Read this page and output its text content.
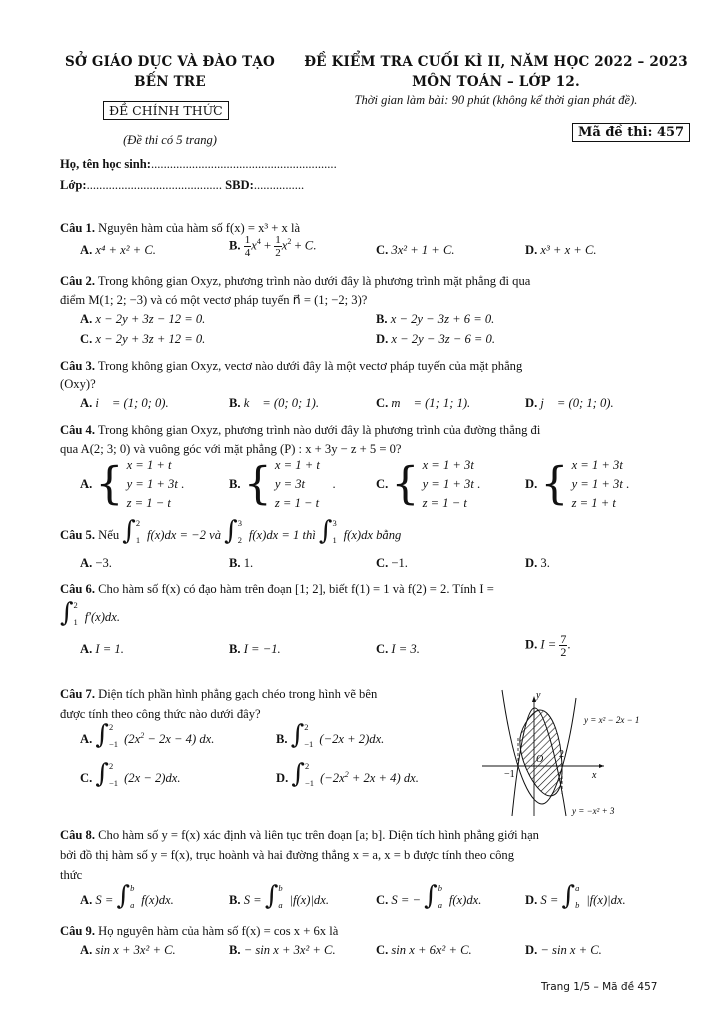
SỞ GIÁO DỤC VÀ ĐÀO TẠO
BẾN TRE
ĐỀ CHÍNH THỨC
(Đề thi có 5 trang)
ĐỀ KIỂM TRA CUỐI KÌ II, NĂM HỌC 2022 – 2023
MÔN TOÁN – LỚP 12.
Thời gian làm bài: 90 phút (không kể thời gian phát đề).
Mã đề thi: 457
Họ, tên học sinh:...........................................................
Lớp:........................................... SBD:................
Câu 1. Nguyên hàm của hàm số f(x) = x³ + x là
A. x⁴ + x² + C.	B. $\frac{1}{4} x^4 + \frac{1}{2} x^2 + C$.	C. 3x² + 1 + C.	D. x³ + x + C.
Câu 2. Trong không gian Oxyz, phương trình nào dưới đây là phương trình mặt phẳng đi qua
điểm M(1; 2; −3) và có một vectơ pháp tuyến n⃗ = (1; −2; 3)?
A. x − 2y + 3z − 12 = 0.	B. x − 2y − 3z + 6 = 0.
C. x − 2y + 3z + 12 = 0.	D. x − 2y − 3z − 6 = 0.
Câu 3. Trong không gian Oxyz, vectơ nào dưới đây là một vectơ pháp tuyến của mặt phẳng
(Oxy)?
A. i⃗ = (1; 0; 0).	B. k⃗ = (0; 0; 1).	C. m⃗ = (1; 1; 1).	D. j⃗ = (0; 1; 0).
Câu 4. Trong không gian Oxyz, phương trình nào dưới đây là phương trình của đường thẳng đi
qua A(2; 3; 0) và vuông góc với mặt phẳng (P) : x + 3y − z + 5 = 0?
A. { x = 1 + t
y = 1 + 3t
z = 1 − t .	B. { x = 1 + t
y = 3t
z = 1 − t    .	C. { x = 1 + 3t
y = 1 + 3t
z = 1 − t .	D. { x = 1 + 3t
y = 1 + 3t
z = 1 + t .
Câu 5. Nếu ∫ 2
1 f(x)dx = −2 và ∫ 3
2 f(x)dx = 1 thì ∫ 3
1 f(x)dx bằng
A. −3.	B. 1.	C. −1.	D. 3.
Câu 6. Cho hàm số f(x) có đạo hàm trên đoạn [1; 2], biết f(1) = 1 và f(2) = 2. Tính I =
∫ 2
1 f′(x)dx.
A. I = 1.	B. I = −1.	C. I = 3.	D. $I = \frac{7}{2}$ .
Câu 7. Diện tích phần hình phẳng gạch chéo trong hình vẽ bên
được tính theo công thức nào dưới đây?
A. ∫ 2
−1 $(2x^2 - 2x - 4)$ dx.	B. ∫ 2
−1 (−2x + 2)dx.
C. ∫ 2
−1 (2x − 2)dx.	D. ∫ 2
−1 $(-2x^2 + 2x + 4)$ dx.
y
x
O
−1
2
y = x² − 2x − 1
y = −x² + 3
Câu 8. Cho hàm số y = f(x) xác định và liên tục trên đoạn [a; b]. Diện tích hình phẳng giới hạn
bởi đồ thị hàm số y = f(x), trục hoành và hai đường thẳng x = a, x = b được tính theo công
thức
A. S = ∫ b
a f(x)dx.	B. S = ∫ b
a |f(x)|dx.	C. S = − ∫ b
a f(x)dx.	D. S = ∫ a
b |f(x)|dx.
Câu 9. Họ nguyên hàm của hàm số f(x) = cos x + 6x là
A. sin x + 3x² + C.	B. − sin x + 3x² + C.	C. sin x + 6x² + C.	D. − sin x + C.
Trang 1/5 – Mã đề 457
